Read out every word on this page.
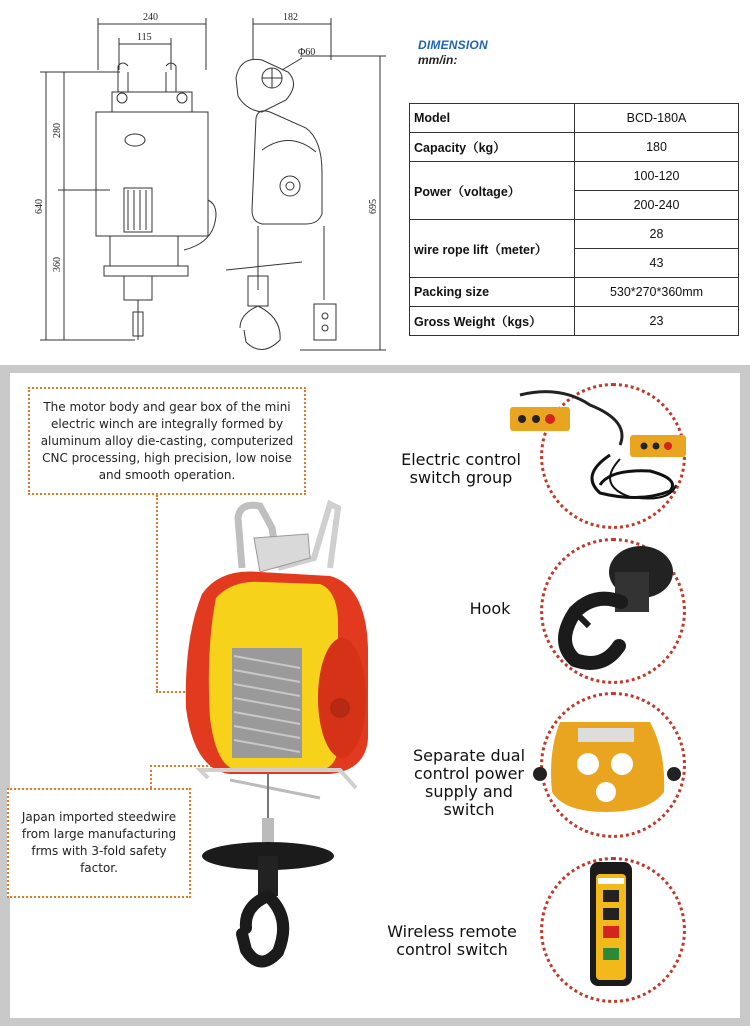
240
115
182
Φ60
640
280
360
695
DIMENSION
mm/in:
Model	BCD-180A
Capacity（kg）	180
Power（voltage）	100-120
	200-240
wire rope lift（meter）	28
	43
Packing size	530*270*360mm
Gross Weight（kgs）	23
The motor body and gear box of the mini electric winch are integrally formed by aluminum alloy die-casting, computerized CNC processing, high precision, low noise and smooth operation.
Japan imported steedwire from large manufacturing frms with 3-fold safety factor.
Electric control switch group
Hook
Separate dual control power supply and switch
Wireless remote control switch
